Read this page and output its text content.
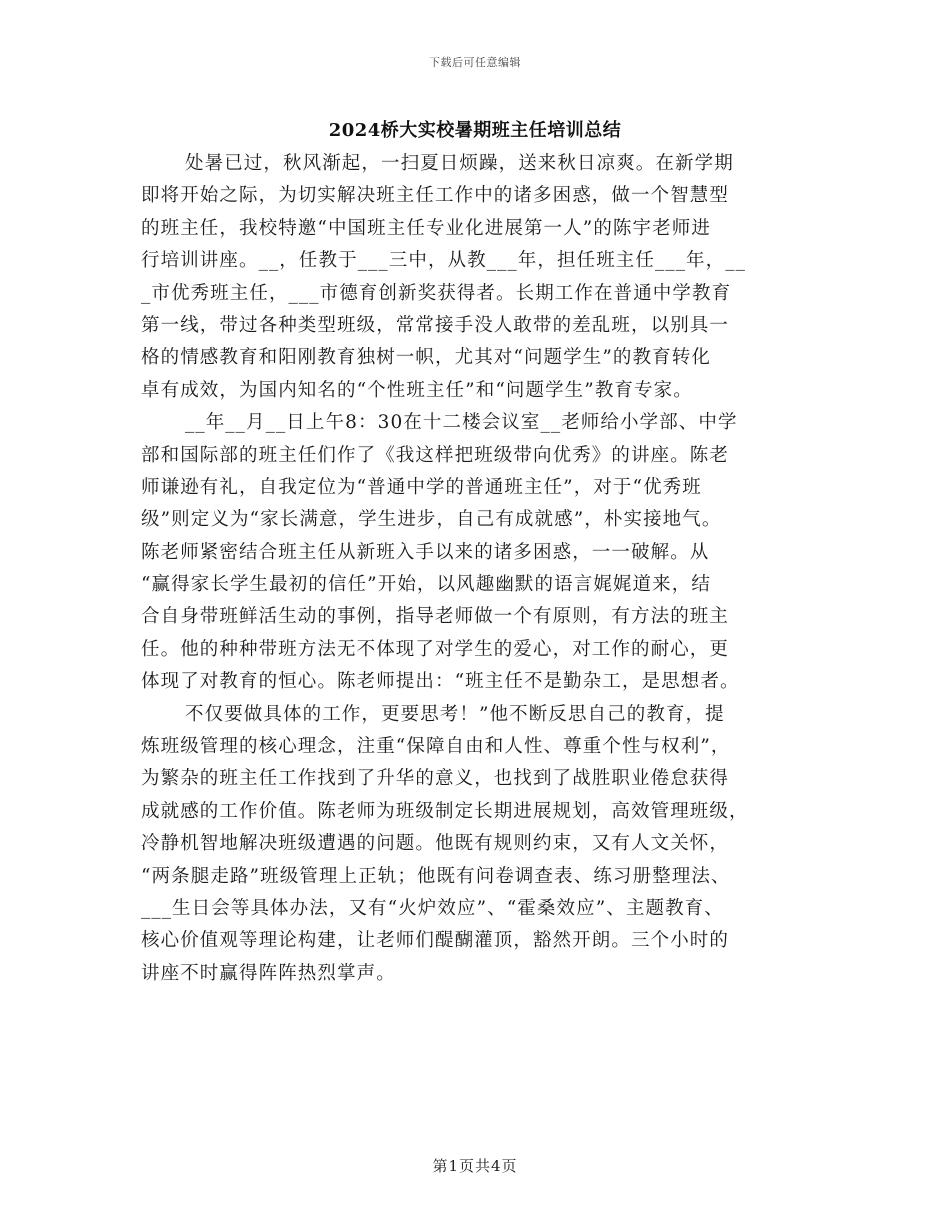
下载后可任意编辑
2024桥大实校暑期班主任培训总结
处暑已过，秋风渐起，一扫夏日烦躁，送来秋日凉爽。在新学期
即将开始之际，为切实解决班主任工作中的诸多困惑，做一个智慧型
的班主任，我校特邀“中国班主任专业化进展第一人”的陈宇老师进
行培训讲座。__，任教于___三中，从教___年，担任班主任___年，__
_市优秀班主任，___市德育创新奖获得者。长期工作在普通中学教育
第一线，带过各种类型班级，常常接手没人敢带的差乱班，以别具一
格的情感教育和阳刚教育独树一帜，尤其对“问题学生”的教育转化
卓有成效，为国内知名的“个性班主任”和“问题学生”教育专家。
__年__月__日上午8：30在十二楼会议室__老师给小学部、中学
部和国际部的班主任们作了《我这样把班级带向优秀》的讲座。陈老
师谦逊有礼，自我定位为“普通中学的普通班主任”，对于“优秀班
级”则定义为“家长满意，学生进步，自己有成就感”，朴实接地气。
陈老师紧密结合班主任从新班入手以来的诸多困惑，一一破解。从
“赢得家长学生最初的信任”开始，以风趣幽默的语言娓娓道来，结
合自身带班鲜活生动的事例，指导老师做一个有原则，有方法的班主
任。他的种种带班方法无不体现了对学生的爱心，对工作的耐心，更
体现了对教育的恒心。陈老师提出：“班主任不是勤杂工，是思想者。
不仅要做具体的工作，更要思考！”他不断反思自己的教育，提
炼班级管理的核心理念，注重“保障自由和人性、尊重个性与权利”，
为繁杂的班主任工作找到了升华的意义，也找到了战胜职业倦怠获得
成就感的工作价值。陈老师为班级制定长期进展规划，高效管理班级，
冷静机智地解决班级遭遇的问题。他既有规则约束，又有人文关怀，
“两条腿走路”班级管理上正轨；他既有问卷调查表、练习册整理法、
___生日会等具体办法，又有“火炉效应”、“霍桑效应”、主题教育、
核心价值观等理论构建，让老师们醍醐灌顶，豁然开朗。三个小时的
讲座不时赢得阵阵热烈掌声。
第1页共4页
